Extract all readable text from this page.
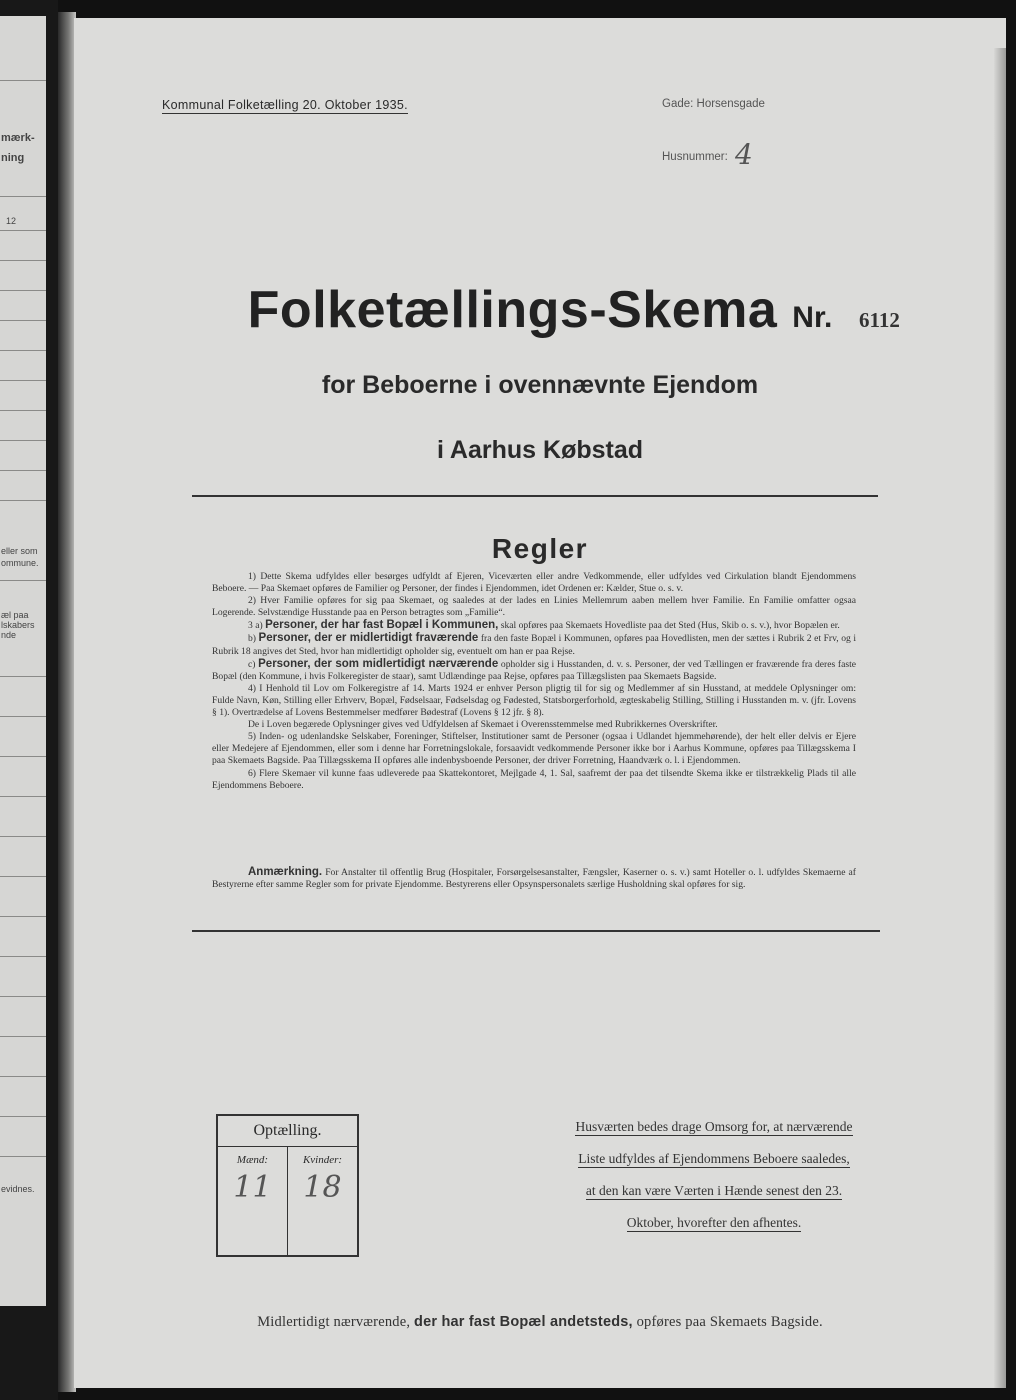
mærk-
ning
12
eller som
ommune.
æl paa
lskabers
nde
evidnes.
Kommunal Folketælling 20. Oktober 1935.	Gade: Horsensgade
Husnummer: 4
Folketællings-Skema Nr.	6112
for Beboerne i ovennævnte Ejendom
i Aarhus Købstad
Regler

1) Dette Skema udfyldes eller besørges udfyldt af Ejeren, Viceværten eller andre Vedkommende, eller udfyldes ved Cirkulation blandt Ejendommens Beboere. — Paa Skemaet opføres de Familier og Personer, der findes i Ejendommen, idet Ordenen er: Kælder, Stue o. s. v.

2) Hver Familie opføres for sig paa Skemaet, og saaledes at der lades en Linies Mellemrum aaben mellem hver Familie. En Familie omfatter ogsaa Logerende. Selvstændige Husstande paa en Person betragtes som „Familie“.

3 a) Personer, der har fast Bopæl i Kommunen, skal opføres paa Skemaets Hovedliste paa det Sted (Hus, Skib o. s. v.), hvor Bopælen er.

b) Personer, der er midlertidigt fraværende fra den faste Bopæl i Kommunen, opføres paa Hovedlisten, men der sættes i Rubrik 2 et Frv, og i Rubrik 18 angives det Sted, hvor han midlertidigt opholder sig, eventuelt om han er paa Rejse.

c) Personer, der som midlertidigt nærværende opholder sig i Husstanden, d. v. s. Personer, der ved Tællingen er fraværende fra deres faste Bopæl (den Kommune, i hvis Folkeregister de staar), samt Udlændinge paa Rejse, opføres paa Tillægslisten paa Skemaets Bagside.

4) I Henhold til Lov om Folkeregistre af 14. Marts 1924 er enhver Person pligtig til for sig og Medlemmer af sin Husstand, at meddele Oplysninger om: Fulde Navn, Køn, Stilling eller Erhverv, Bopæl, Fødselsaar, Fødselsdag og Fødested, Statsborgerforhold, ægteskabelig Stilling, Stilling i Husstanden m. v. (jfr. Lovens § 1). Overtrædelse af Lovens Bestemmelser medfører Bødestraf (Lovens § 12 jfr. § 8).

De i Loven begærede Oplysninger gives ved Udfyldelsen af Skemaet i Overensstemmelse med Rubrikkernes Overskrifter.

5) Inden- og udenlandske Selskaber, Foreninger, Stiftelser, Institutioner samt de Personer (ogsaa i Udlandet hjemmehørende), der helt eller delvis er Ejere eller Medejere af Ejendommen, eller som i denne har Forretningslokale, forsaavidt vedkommende Personer ikke bor i Aarhus Kommune, opføres paa Tillægsskema I paa Skemaets Bagside. Paa Tillægsskema II opføres alle indenbysboende Personer, der driver Forretning, Haandværk o. l. i Ejendommen.

6) Flere Skemaer vil kunne faas udleverede paa Skattekontoret, Mejlgade 4, 1. Sal, saafremt der paa det tilsendte Skema ikke er tilstrækkelig Plads til alle Ejendommens Beboere.

Anmærkning. For Anstalter til offentlig Brug (Hospitaler, Forsørgelsesanstalter, Fængsler, Kaserner o. s. v.) samt Hoteller o. l. udfyldes Skemaerne af Bestyrerne efter samme Regler som for private Ejendomme. Bestyrerens eller Opsynspersonalets særlige Husholdning skal opføres for sig.

Optælling.
Mænd:
11
Kvinder:
18
Husværten bedes drage Omsorg for, at nærværende
Liste udfyldes af Ejendommens Beboere saaledes,
at den kan være Værten i Hænde senest den 23.
Oktober, hvorefter den afhentes.
Midlertidigt nærværende, der har fast Bopæl andetsteds, opføres paa Skemaets Bagside.
